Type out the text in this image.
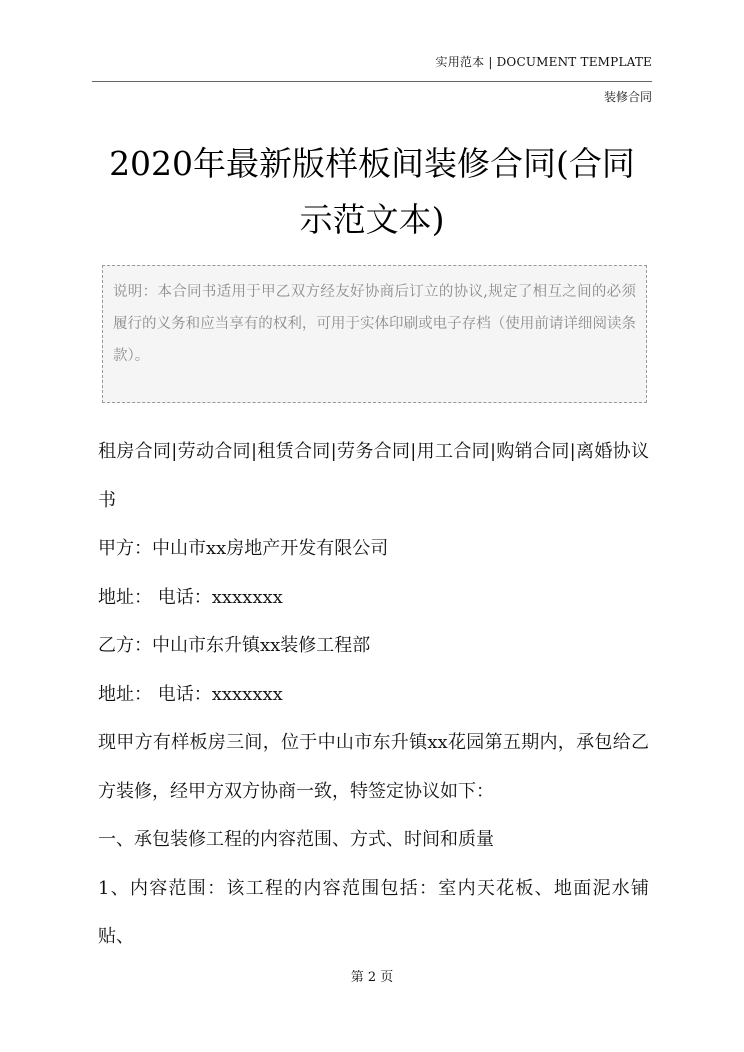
实用范本 | DOCUMENT TEMPLATE
装修合同
2020年最新版样板间装修合同(合同示范文本)
说明：本合同书适用于甲乙双方经友好协商后订立的协议,规定了相互之间的必须履行的义务和应当享有的权利，可用于实体印刷或电子存档（使用前请详细阅读条款）。

租房合同|劳动合同|租赁合同|劳务合同|用工合同|购销合同|离婚协议书

甲方：中山市xx房地产开发有限公司

地址： 电话：xxxxxxx

乙方：中山市东升镇xx装修工程部

地址： 电话：xxxxxxx

现甲方有样板房三间，位于中山市东升镇xx花园第五期内，承包给乙方装修，经甲方双方协商一致，特签定协议如下：

一、承包装修工程的内容范围、方式、时间和质量

1、内容范围：该工程的内容范围包括：室内天花板、地面泥水铺贴、

第 2 页
